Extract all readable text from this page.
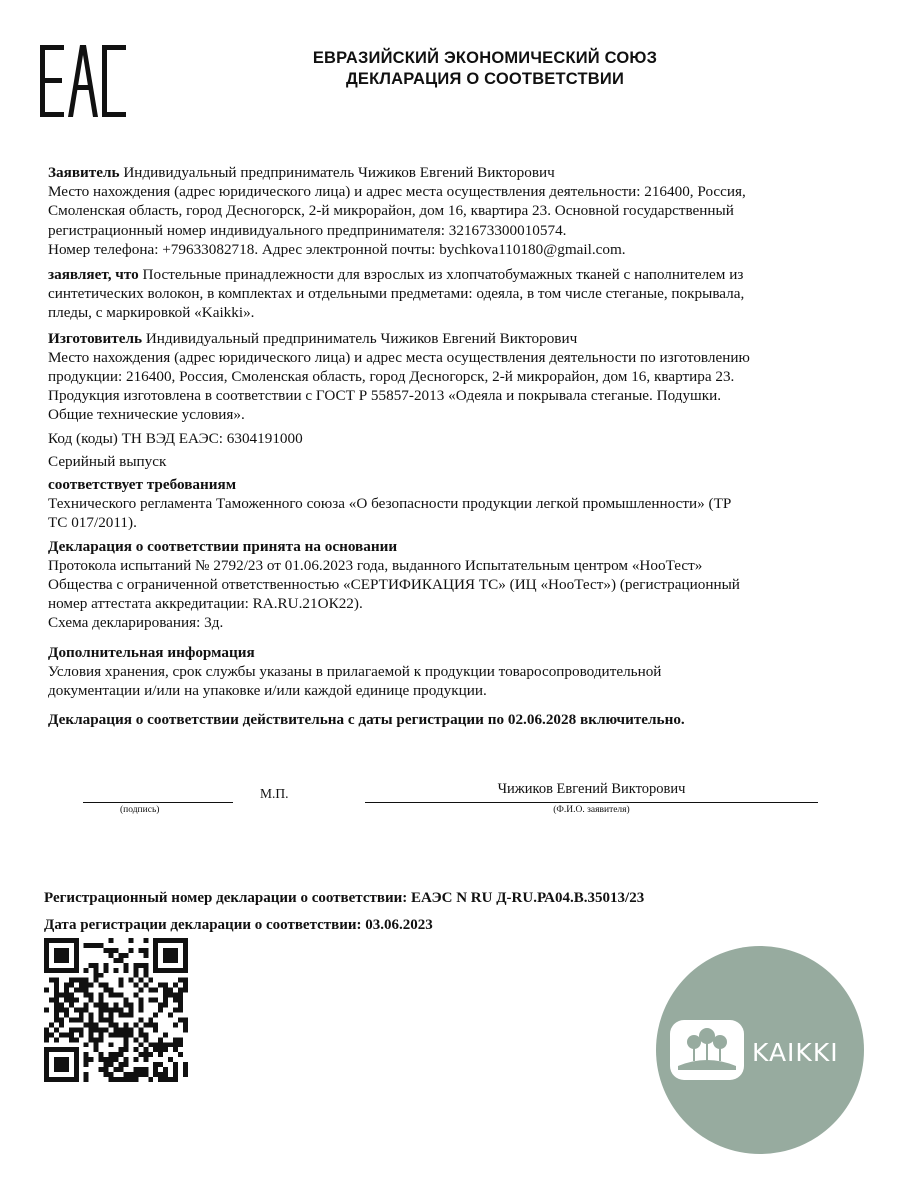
ЕВРАЗИЙСКИЙ ЭКОНОМИЧЕСКИЙ СОЮЗ
ДЕКЛАРАЦИЯ О СООТВЕТСТВИИ
Заявитель Индивидуальный предприниматель Чижиков Евгений Викторович
Место нахождения (адрес юридического лица) и адрес места осуществления деятельности: 216400, Россия,
Смоленская область, город Десногорск, 2-й микрорайон, дом 16, квартира 23. Основной государственный
регистрационный номер индивидуального предпринимателя: 321673300010574.
Номер телефона: +79633082718. Адрес электронной почты: bychkova110180@gmail.com.
заявляет, что Постельные принадлежности для взрослых из хлопчатобумажных тканей с наполнителем из
синтетических волокон, в комплектах и отдельными предметами: одеяла, в том числе стеганые, покрывала,
пледы, с маркировкой «Kaikki».
Изготовитель Индивидуальный предприниматель Чижиков Евгений Викторович
Место нахождения (адрес юридического лица) и адрес места осуществления деятельности по изготовлению
продукции: 216400, Россия, Смоленская область, город Десногорск, 2-й микрорайон, дом 16, квартира 23.
Продукция изготовлена в соответствии с ГОСТ Р 55857-2013 «Одеяла и покрывала стеганые. Подушки.
Общие технические условия».
Код (коды) ТН ВЭД ЕАЭС: 6304191000
Серийный выпуск
соответствует требованиям
Технического регламента Таможенного союза «О безопасности продукции легкой промышленности» (ТР
ТС 017/2011).
Декларация о соответствии принята на основании
Протокола испытаний № 2792/23 от 01.06.2023 года, выданного Испытательным центром «НооТест»
Общества с ограниченной ответственностью «СЕРТИФИКАЦИЯ ТС» (ИЦ «НооТест») (регистрационный
номер аттестата аккредитации: RA.RU.21ОК22).
Схема декларирования: 3д.
Дополнительная информация
Условия хранения, срок службы указаны в прилагаемой к продукции товаросопроводительной
документации и/или на упаковке и/или каждой единице продукции.
Декларация о соответствии действительна с даты регистрации по 02.06.2028 включительно.
(подпись)
М.П.	Чижиков Евгений Викторович
(Ф.И.О. заявителя)
Регистрационный номер декларации о соответствии: ЕАЭС N RU Д-RU.РА04.В.35013/23
Дата регистрации декларации о соответствии: 03.06.2023
KAIKKI
